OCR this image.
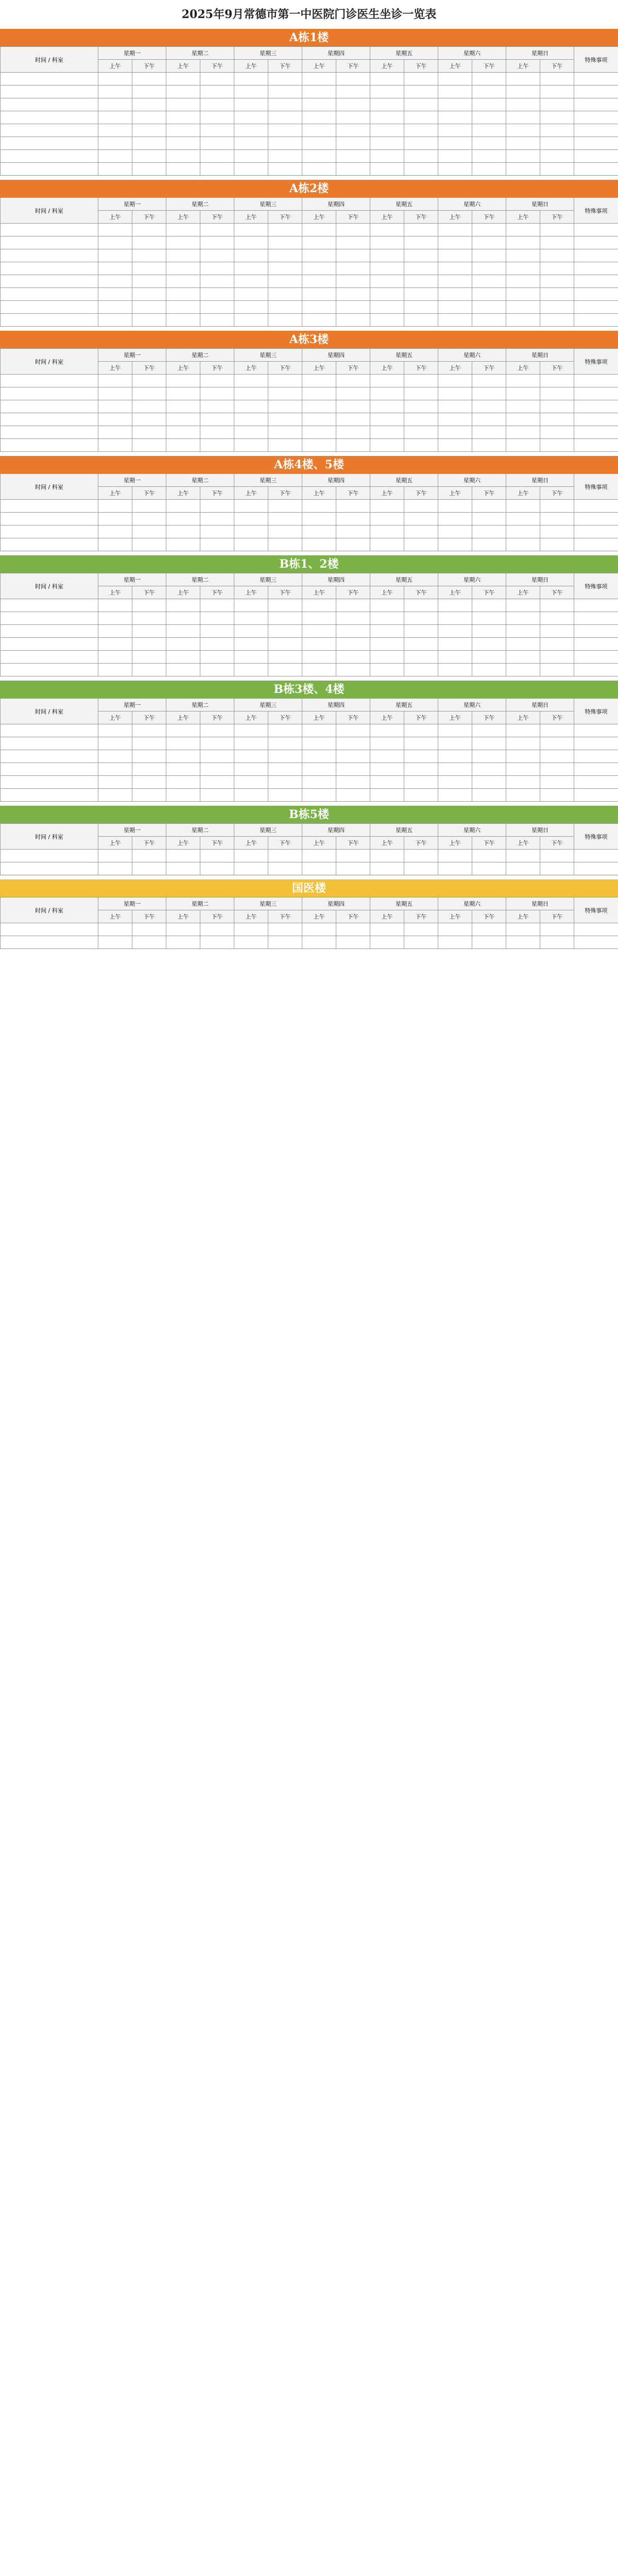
2025年9月常德市第一中医院门诊医生坐诊一览表
A栋1楼
时间 / 科室	星期一		星期二		星期三		星期四		星期五		星期六		星期日		特殊事项
	上午	下午	上午	下午	上午	下午	上午	下午	上午	下午	上午	下午	上午	下午	

A栋2楼
时间 / 科室	星期一		星期二		星期三		星期四		星期五		星期六		星期日		特殊事项
	上午	下午	上午	下午	上午	下午	上午	下午	上午	下午	上午	下午	上午	下午	

A栋3楼
时间 / 科室	星期一		星期二		星期三		星期四		星期五		星期六		星期日		特殊事项
	上午	下午	上午	下午	上午	下午	上午	下午	上午	下午	上午	下午	上午	下午	

A栋4楼、5楼
时间 / 科室	星期一		星期二		星期三		星期四		星期五		星期六		星期日		特殊事项
	上午	下午	上午	下午	上午	下午	上午	下午	上午	下午	上午	下午	上午	下午	

B栋1、2楼
时间 / 科室	星期一		星期二		星期三		星期四		星期五		星期六		星期日		特殊事项
	上午	下午	上午	下午	上午	下午	上午	下午	上午	下午	上午	下午	上午	下午	

B栋3楼、4楼
时间 / 科室	星期一		星期二		星期三		星期四		星期五		星期六		星期日		特殊事项
	上午	下午	上午	下午	上午	下午	上午	下午	上午	下午	上午	下午	上午	下午	

B栋5楼
时间 / 科室	星期一		星期二		星期三		星期四		星期五		星期六		星期日		特殊事项
	上午	下午	上午	下午	上午	下午	上午	下午	上午	下午	上午	下午	上午	下午	

国医楼
时间 / 科室	星期一		星期二		星期三		星期四		星期五		星期六		星期日		特殊事项
	上午	下午	上午	下午	上午	下午	上午	下午	上午	下午	上午	下午	上午	下午	
